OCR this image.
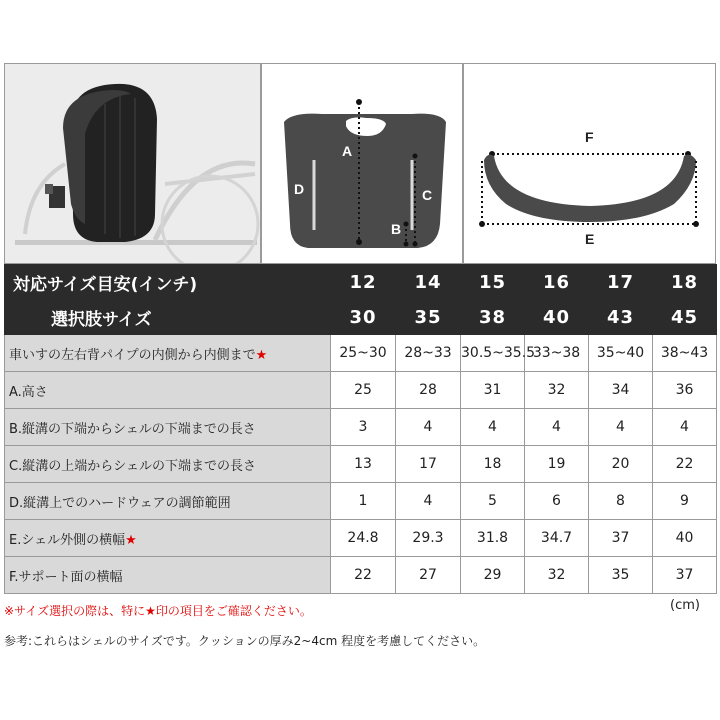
A
D	C
B
F
E
対応サイズ目安(インチ)	12	14	15	16	17	18
選択肢サイズ	30	35	38	40	43	45
車いすの左右背パイプの内側から内側まで★	25~30	28~33	30.5~35.5	33~38	35~40	38~43
A.高さ	25	28	31	32	34	36
B.縦溝の下端からシェルの下端までの長さ	3	4	4	4	4	4
C.縦溝の上端からシェルの下端までの長さ	13	17	18	19	20	22
D.縦溝上でのハードウェアの調節範囲	1	4	5	6	8	9
E.シェル外側の横幅★	24.8	29.3	31.8	34.7	37	40
F.サポート面の横幅	22	27	29	32	35	37
※サイズ選択の際は、特に★印の項目をご確認ください。	(cm)
参考:これらはシェルのサイズです。クッションの厚み2~4cm 程度を考慮してください。
